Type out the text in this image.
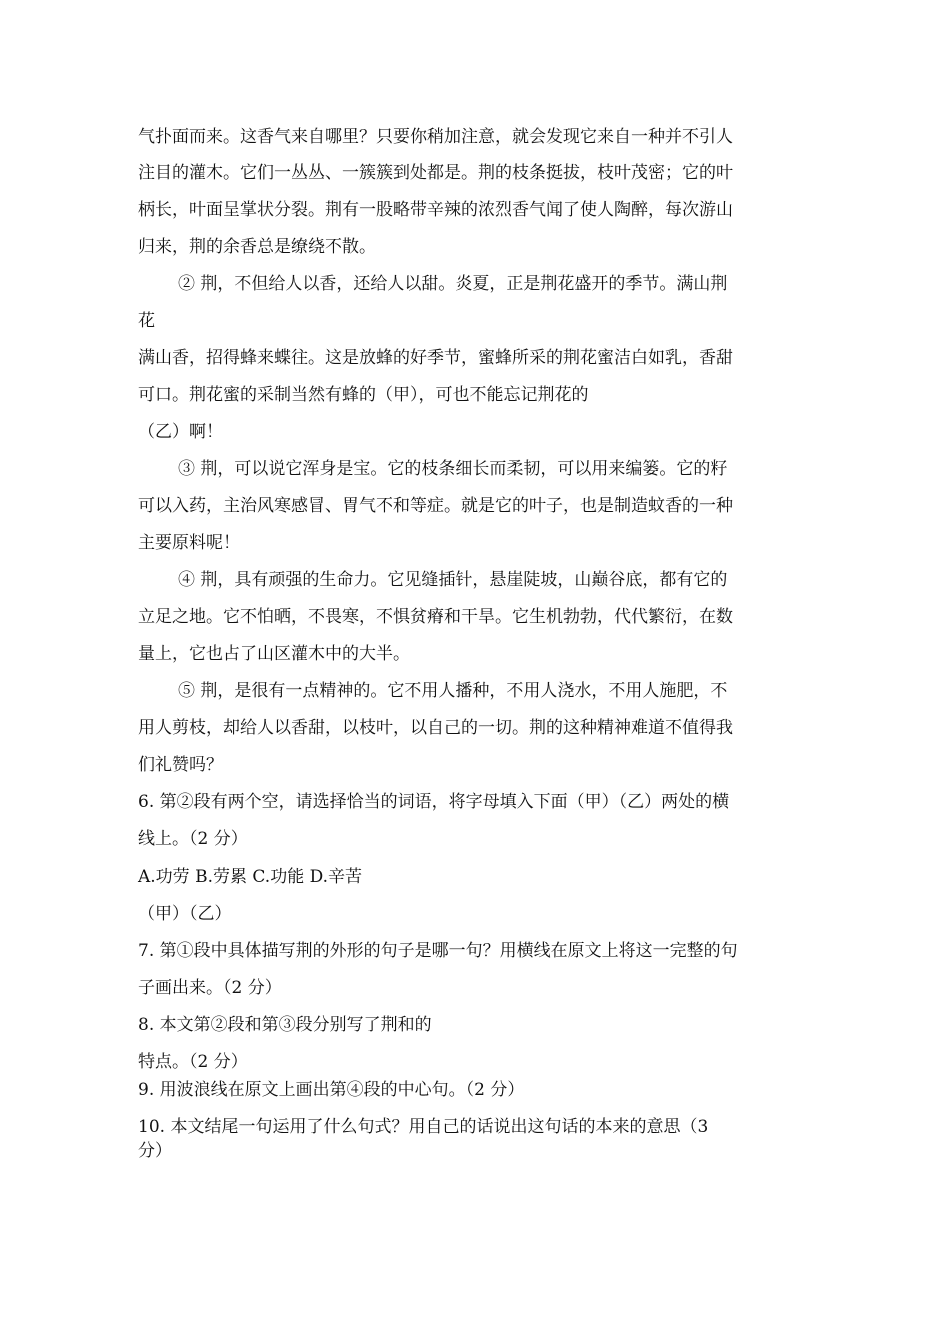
气扑面而来。这香气来自哪里？只要你稍加注意，就会发现它来自一种并不引人
注目的灌木。它们一丛丛、一簇簇到处都是。荆的枝条挺拔，枝叶茂密；它的叶
柄长，叶面呈掌状分裂。荆有一股略带辛辣的浓烈香气闻了使人陶醉，每次游山
归来，荆的余香总是缭绕不散。
② 荆，不但给人以香，还给人以甜。炎夏，正是荆花盛开的季节。满山荆
花
满山香，招得蜂来蝶往。这是放蜂的好季节，蜜蜂所采的荆花蜜洁白如乳，香甜
可口。荆花蜜的采制当然有蜂的（甲），可也不能忘记荆花的
（乙）啊！
③ 荆，可以说它浑身是宝。它的枝条细长而柔韧，可以用来编篓。它的籽
可以入药，主治风寒感冒、胃气不和等症。就是它的叶子，也是制造蚊香的一种
主要原料呢！
④ 荆，具有顽强的生命力。它见缝插针，悬崖陡坡，山巅谷底，都有它的
立足之地。它不怕晒，不畏寒，不惧贫瘠和干旱。它生机勃勃，代代繁衍，在数
量上，它也占了山区灌木中的大半。
⑤ 荆，是很有一点精神的。它不用人播种，不用人浇水，不用人施肥，不
用人剪枝，却给人以香甜，以枝叶，以自己的一切。荆的这种精神难道不值得我
们礼赞吗？
6. 第②段有两个空，请选择恰当的词语，将字母填入下面（甲）（乙）两处的横
线上。（2 分）
A.功劳 B.劳累 C.功能 D.辛苦
（甲）（乙）
7. 第①段中具体描写荆的外形的句子是哪一句？用横线在原文上将这一完整的句
子画出来。（2 分）
8. 本文第②段和第③段分别写了荆和的
特点。（2 分）
9. 用波浪线在原文上画出第④段的中心句。（2 分）
10. 本文结尾一句运用了什么句式？用自己的话说出这句话的本来的意思（3
分）
